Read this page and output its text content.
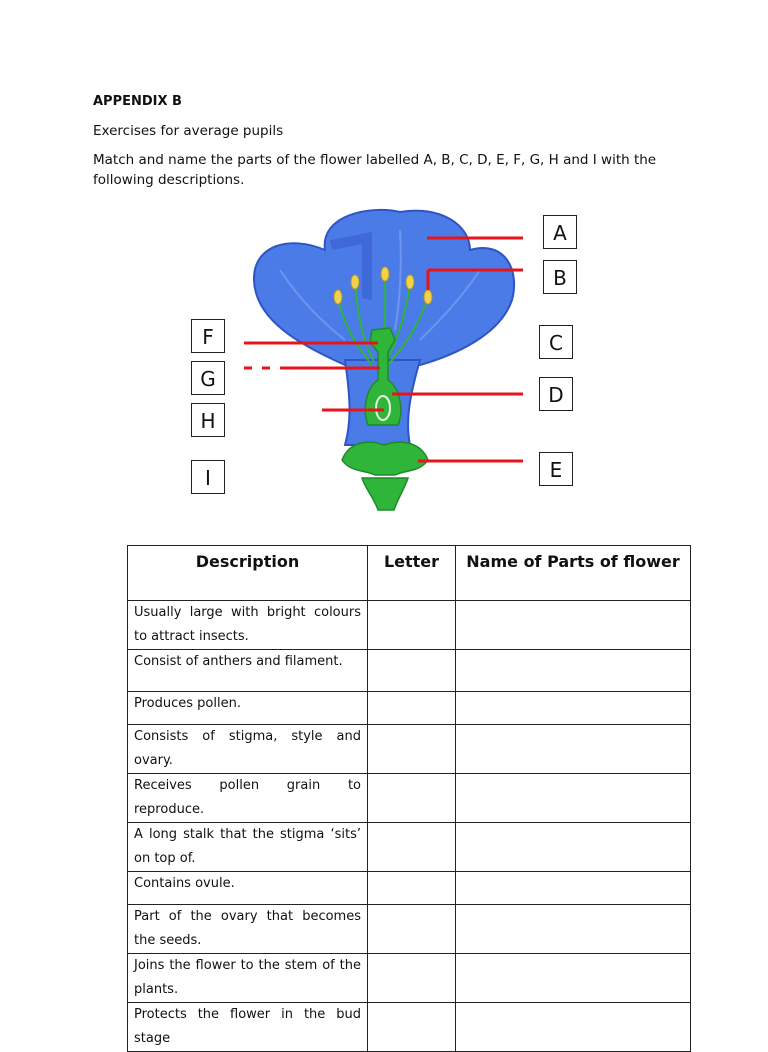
APPENDIX B
Exercises for average pupils
Match and name the parts of the flower labelled A, B, C, D, E, F, G, H and I with the following descriptions.
A
B
C
D
E
F
G
H
I
Description	Letter	Name of Parts of flower
Usually large with bright colours to attract insects.		
Consist of anthers and filament.		
Produces pollen.		
Consists of stigma, style and ovary.		
Receives pollen grain to reproduce.		
A long stalk that the stigma ‘sits’ on top of.		
Contains ovule.		
Part of the ovary that becomes the seeds.		
Joins the flower to the stem of the plants.		
Protects the flower in the bud stage		
